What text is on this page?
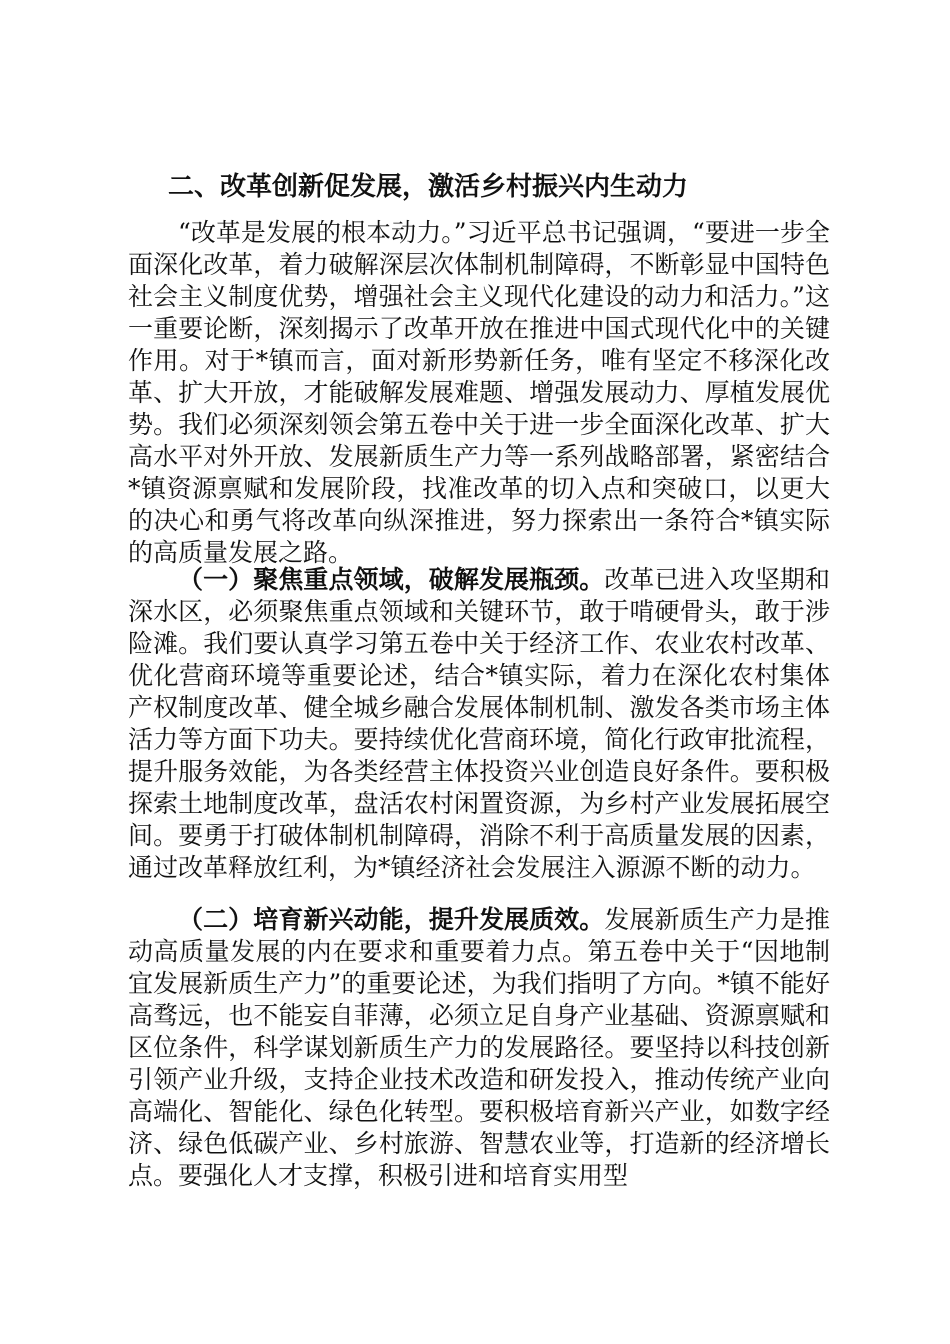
二、改革创新促发展，激活乡村振兴内生动力

“改革是发展的根本动力。”习近平总书记强调，“要进一步全面深化改革，着力破解深层次体制机制障碍，不断彰显中国特色社会主义制度优势，增强社会主义现代化建设的动力和活力。”这一重要论断，深刻揭示了改革开放在推进中国式现代化中的关键作用。对于*镇而言，面对新形势新任务，唯有坚定不移深化改革、扩大开放，才能破解发展难题、增强发展动力、厚植发展优势。我们必须深刻领会第五卷中关于进一步全面深化改革、扩大高水平对外开放、发展新质生产力等一系列战略部署，紧密结合*镇资源禀赋和发展阶段，找准改革的切入点和突破口，以更大的决心和勇气将改革向纵深推进，努力探索出一条符合*镇实际的高质量发展之路。

（一）聚焦重点领域，破解发展瓶颈。改革已进入攻坚期和深水区，必须聚焦重点领域和关键环节，敢于啃硬骨头，敢于涉险滩。我们要认真学习第五卷中关于经济工作、农业农村改革、优化营商环境等重要论述，结合*镇实际，着力在深化农村集体产权制度改革、健全城乡融合发展体制机制、激发各类市场主体活力等方面下功夫。要持续优化营商环境，简化行政审批流程，提升服务效能，为各类经营主体投资兴业创造良好条件。要积极探索土地制度改革，盘活农村闲置资源，为乡村产业发展拓展空间。要勇于打破体制机制障碍，消除不利于高质量发展的因素，通过改革释放红利，为*镇经济社会发展注入源源不断的动力。

（二）培育新兴动能，提升发展质效。发展新质生产力是推动高质量发展的内在要求和重要着力点。第五卷中关于“因地制宜发展新质生产力”的重要论述，为我们指明了方向。*镇不能好高骛远，也不能妄自菲薄，必须立足自身产业基础、资源禀赋和区位条件，科学谋划新质生产力的发展路径。要坚持以科技创新引领产业升级，支持企业技术改造和研发投入，推动传统产业向高端化、智能化、绿色化转型。要积极培育新兴产业，如数字经济、绿色低碳产业、乡村旅游、智慧农业等，打造新的经济增长点。要强化人才支撑，积极引进和培育实用型
